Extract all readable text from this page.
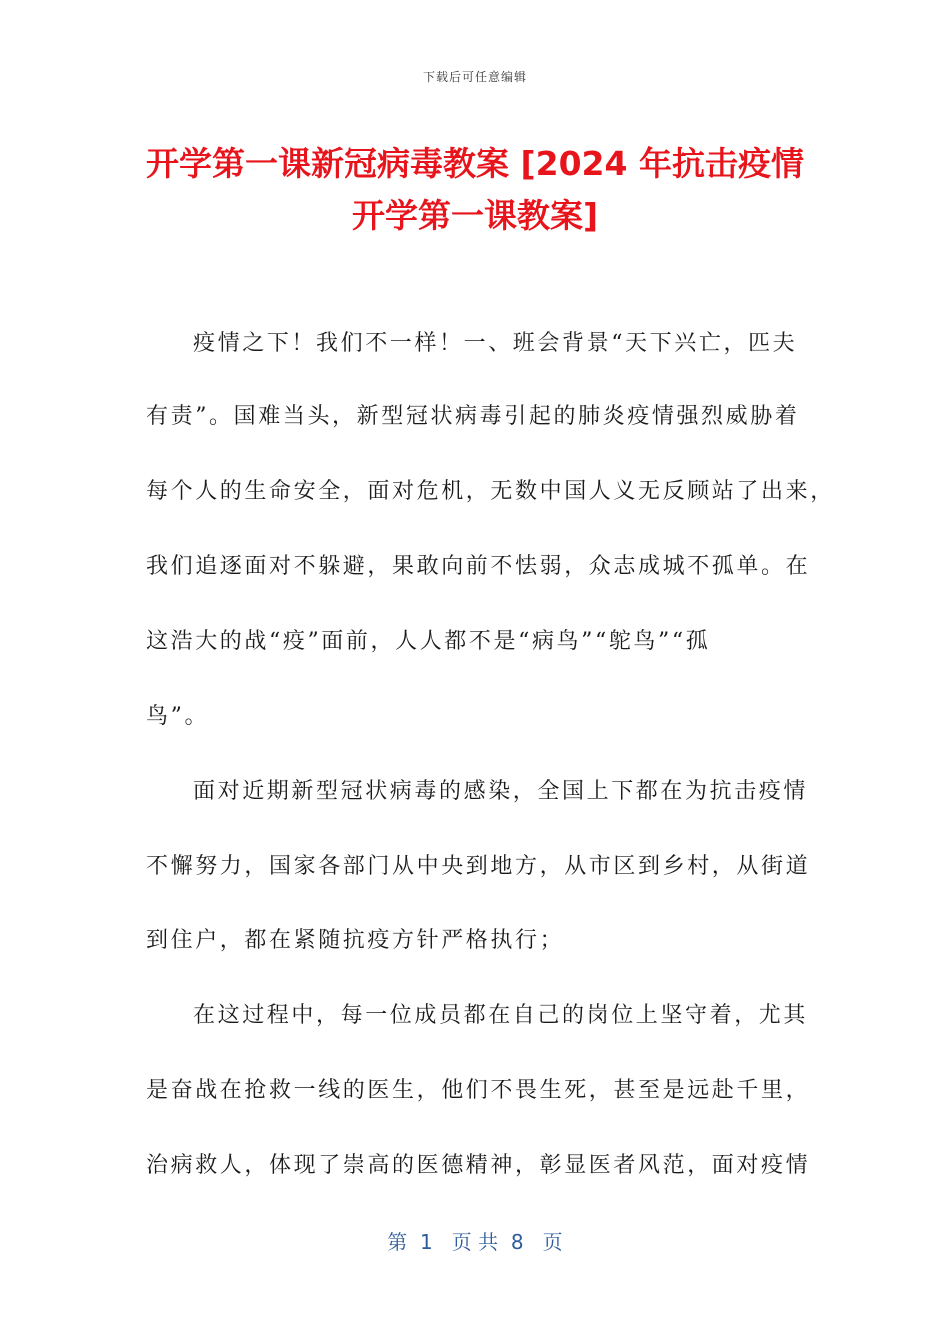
下载后可任意编辑
开学第一课新冠病毒教案 [2024 年抗击疫情
开学第一课教案]
疫情之下！我们不一样！一、班会背景“天下兴亡，匹夫
有责”。国难当头，新型冠状病毒引起的肺炎疫情强烈威胁着
每个人的生命安全，面对危机，无数中国人义无反顾站了出来，
我们追逐面对不躲避，果敢向前不怯弱，众志成城不孤单。在
这浩大的战“疫”面前，人人都不是“病鸟”“鸵鸟”“孤
鸟”。
面对近期新型冠状病毒的感染，全国上下都在为抗击疫情
不懈努力，国家各部门从中央到地方，从市区到乡村，从街道
到住户，都在紧随抗疫方针严格执行；
在这过程中，每一位成员都在自己的岗位上坚守着，尤其
是奋战在抢救一线的医生，他们不畏生死，甚至是远赴千里，
治病救人，体现了崇高的医德精神，彰显医者风范，面对疫情
第  1   页 共  8   页
